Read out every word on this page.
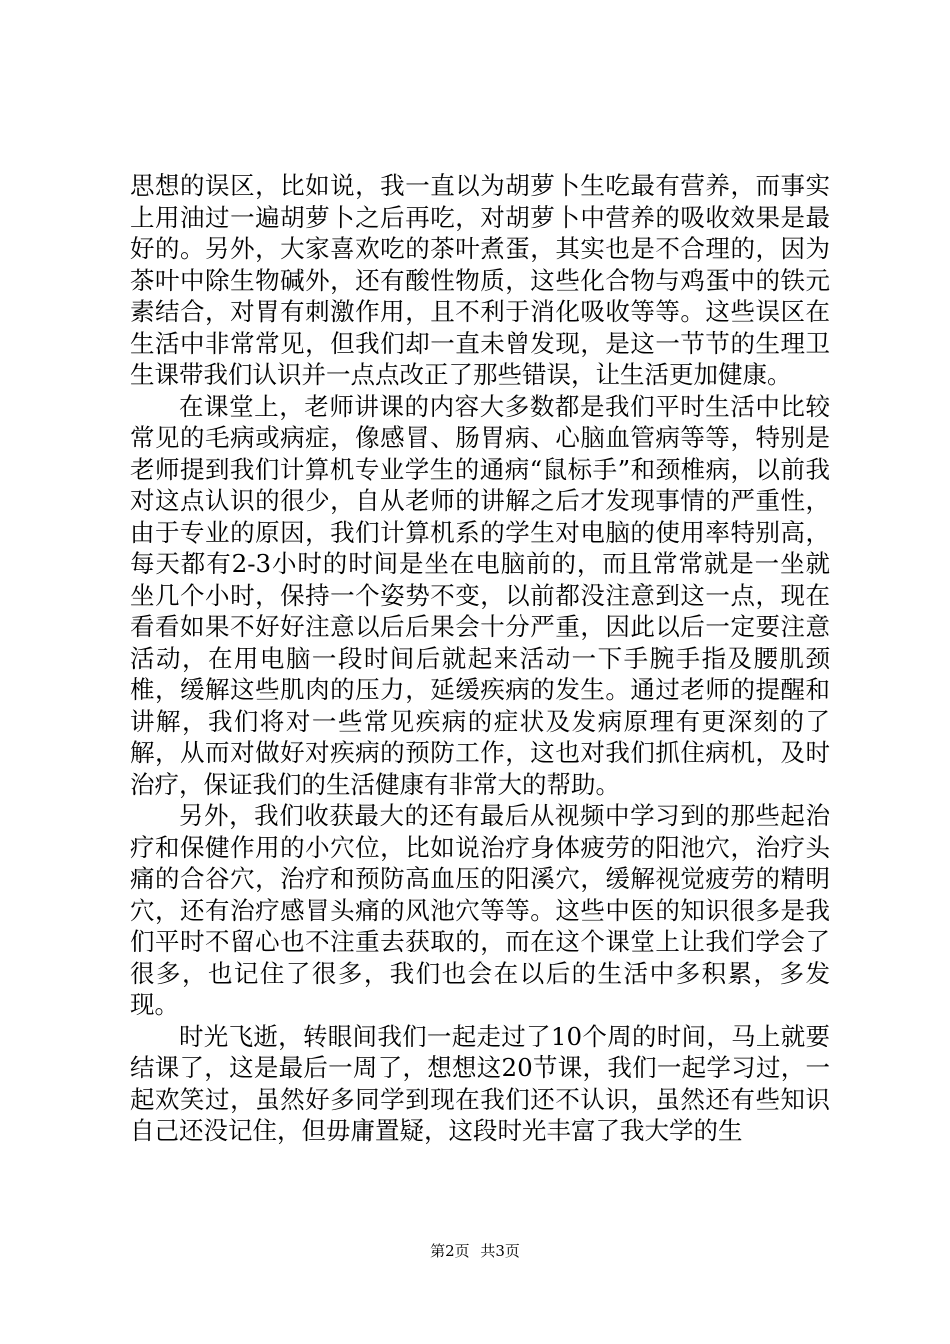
思想的误区，比如说，我一直以为胡萝卜生吃最有营养，而事实上用油过一遍胡萝卜之后再吃，对胡萝卜中营养的吸收效果是最好的。另外，大家喜欢吃的茶叶煮蛋，其实也是不合理的，因为茶叶中除生物碱外，还有酸性物质，这些化合物与鸡蛋中的铁元素结合，对胃有刺激作用，且不利于消化吸收等等。这些误区在生活中非常常见，但我们却一直未曾发现，是这一节节的生理卫生课带我们认识并一点点改正了那些错误，让生活更加健康。

在课堂上，老师讲课的内容大多数都是我们平时生活中比较常见的毛病或病症，像感冒、肠胃病、心脑血管病等等，特别是老师提到我们计算机专业学生的通病“鼠标手”和颈椎病，以前我对这点认识的很少，自从老师的讲解之后才发现事情的严重性，由于专业的原因，我们计算机系的学生对电脑的使用率特别高，每天都有2-3小时的时间是坐在电脑前的，而且常常就是一坐就坐几个小时，保持一个姿势不变，以前都没注意到这一点，现在看看如果不好好注意以后后果会十分严重，因此以后一定要注意活动，在用电脑一段时间后就起来活动一下手腕手指及腰肌颈椎，缓解这些肌肉的压力，延缓疾病的发生。通过老师的提醒和讲解，我们将对一些常见疾病的症状及发病原理有更深刻的了解，从而对做好对疾病的预防工作，这也对我们抓住病机，及时治疗，保证我们的生活健康有非常大的帮助。

另外，我们收获最大的还有最后从视频中学习到的那些起治疗和保健作用的小穴位，比如说治疗身体疲劳的阳池穴，治疗头痛的合谷穴，治疗和预防高血压的阳溪穴，缓解视觉疲劳的精明穴，还有治疗感冒头痛的风池穴等等。这些中医的知识很多是我们平时不留心也不注重去获取的，而在这个课堂上让我们学会了很多，也记住了很多，我们也会在以后的生活中多积累，多发现。

时光飞逝，转眼间我们一起走过了10个周的时间，马上就要结课了，这是最后一周了，想想这20节课，我们一起学习过，一起欢笑过，虽然好多同学到现在我们还不认识，虽然还有些知识自己还没记住，但毋庸置疑，这段时光丰富了我大学的生

第2页 共3页
